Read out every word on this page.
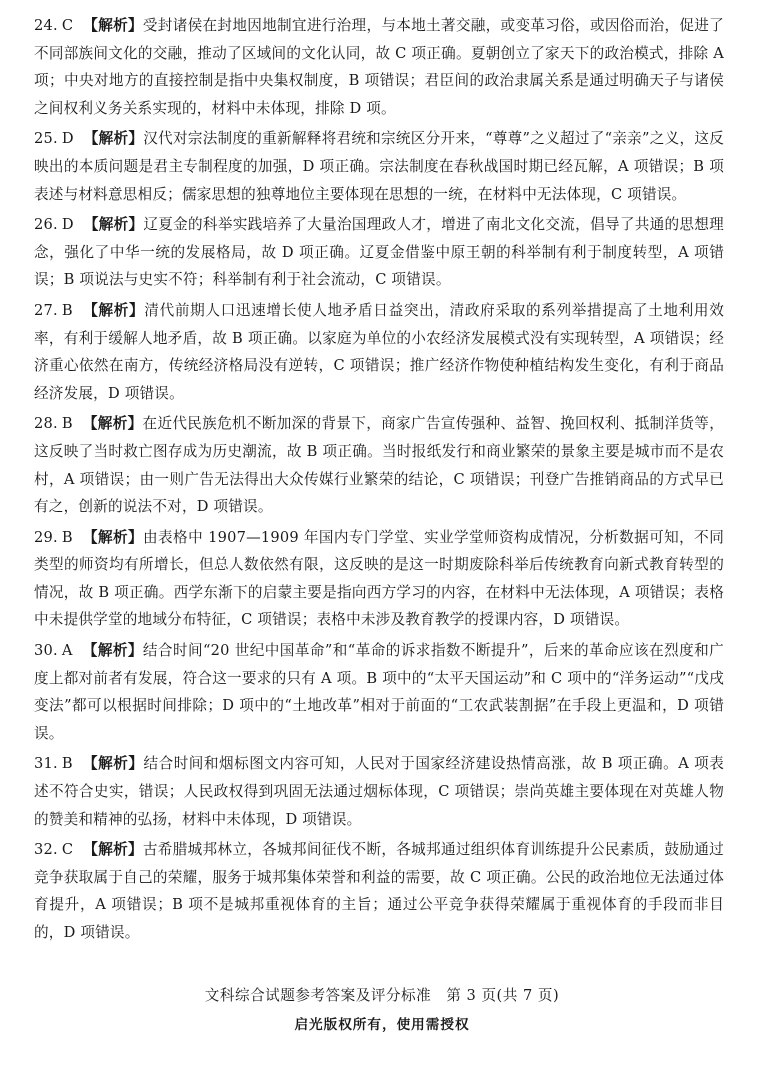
24. C 【解析】受封诸侯在封地因地制宜进行治理，与本地土著交融，或变革习俗，或因俗而治，促进了不同部族间文化的交融，推动了区域间的文化认同，故 C 项正确。夏朝创立了家天下的政治模式，排除 A 项；中央对地方的直接控制是指中央集权制度，B 项错误；君臣间的政治隶属关系是通过明确天子与诸侯之间权利义务关系实现的，材料中未体现，排除 D 项。
25. D 【解析】汉代对宗法制度的重新解释将君统和宗统区分开来，“尊尊”之义超过了“亲亲”之义，这反映出的本质问题是君主专制程度的加强，D 项正确。宗法制度在春秋战国时期已经瓦解，A 项错误；B 项表述与材料意思相反；儒家思想的独尊地位主要体现在思想的一统，在材料中无法体现，C 项错误。
26. D 【解析】辽夏金的科举实践培养了大量治国理政人才，增进了南北文化交流，倡导了共通的思想理念，强化了中华一统的发展格局，故 D 项正确。辽夏金借鉴中原王朝的科举制有利于制度转型，A 项错误；B 项说法与史实不符；科举制有利于社会流动，C 项错误。
27. B 【解析】清代前期人口迅速增长使人地矛盾日益突出，清政府采取的系列举措提高了土地利用效率，有利于缓解人地矛盾，故 B 项正确。以家庭为单位的小农经济发展模式没有实现转型，A 项错误；经济重心依然在南方，传统经济格局没有逆转，C 项错误；推广经济作物使种植结构发生变化，有利于商品经济发展，D 项错误。
28. B 【解析】在近代民族危机不断加深的背景下，商家广告宣传强种、益智、挽回权利、抵制洋货等，这反映了当时救亡图存成为历史潮流，故 B 项正确。当时报纸发行和商业繁荣的景象主要是城市而不是农村，A 项错误；由一则广告无法得出大众传媒行业繁荣的结论，C 项错误；刊登广告推销商品的方式早已有之，创新的说法不对，D 项错误。
29. B 【解析】由表格中 1907—1909 年国内专门学堂、实业学堂师资构成情况，分析数据可知，不同类型的师资均有所增长，但总人数依然有限，这反映的是这一时期废除科举后传统教育向新式教育转型的情况，故 B 项正确。西学东渐下的启蒙主要是指向西方学习的内容，在材料中无法体现，A 项错误；表格中未提供学堂的地域分布特征，C 项错误；表格中未涉及教育教学的授课内容，D 项错误。
30. A 【解析】结合时间“20 世纪中国革命”和“革命的诉求指数不断提升”，后来的革命应该在烈度和广度上都对前者有发展，符合这一要求的只有 A 项。B 项中的“太平天国运动”和 C 项中的“洋务运动”“戊戌变法”都可以根据时间排除；D 项中的“土地改革”相对于前面的“工农武装割据”在手段上更温和，D 项错误。
31. B 【解析】结合时间和烟标图文内容可知，人民对于国家经济建设热情高涨，故 B 项正确。A 项表述不符合史实，错误；人民政权得到巩固无法通过烟标体现，C 项错误；崇尚英雄主要体现在对英雄人物的赞美和精神的弘扬，材料中未体现，D 项错误。
32. C 【解析】古希腊城邦林立，各城邦间征伐不断，各城邦通过组织体育训练提升公民素质，鼓励通过竞争获取属于自己的荣耀，服务于城邦集体荣誉和利益的需要，故 C 项正确。公民的政治地位无法通过体育提升，A 项错误；B 项不是城邦重视体育的主旨；通过公平竞争获得荣耀属于重视体育的手段而非目的，D 项错误。
文科综合试题参考答案及评分标准　第 3 页(共 7 页)
启光版权所有，使用需授权
